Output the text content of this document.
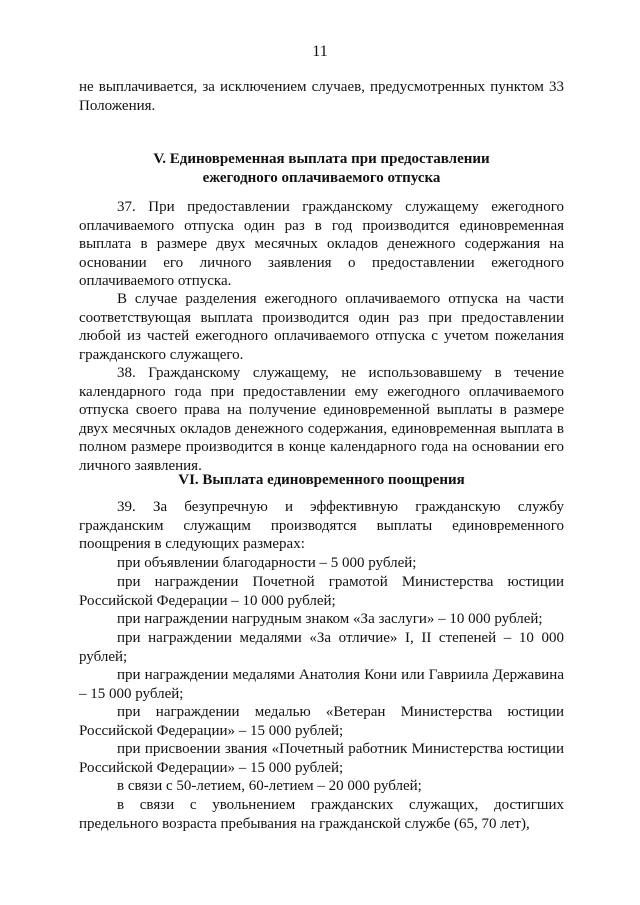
11

не выплачивается, за исключением случаев, предусмотренных пунктом 33 Положения.

V. Единовременная выплата при предоставлении
ежегодного оплачиваемого отпуска

37. При предоставлении гражданскому служащему ежегодного оплачиваемого отпуска один раз в год производится единовременная выплата в размере двух месячных окладов денежного содержания на основании его личного заявления о предоставлении ежегодного оплачиваемого отпуска.

В случае разделения ежегодного оплачиваемого отпуска на части соответствующая выплата производится один раз при предоставлении любой из частей ежегодного оплачиваемого отпуска с учетом пожелания гражданского служащего.

38. Гражданскому служащему, не использовавшему в течение календарного года при предоставлении ему ежегодного оплачиваемого отпуска своего права на получение единовременной выплаты в размере двух месячных окладов денежного содержания, единовременная выплата в полном размере производится в конце календарного года на основании его личного заявления.

VI. Выплата единовременного поощрения

39. За безупречную и эффективную гражданскую службу гражданским служащим производятся выплаты единовременного поощрения в следующих размерах:

при объявлении благодарности – 5 000 рублей;

при награждении Почетной грамотой Министерства юстиции Российской Федерации – 10 000 рублей;

при награждении нагрудным знаком «За заслуги» – 10 000 рублей;

при награждении медалями «За отличие» I, II степеней – 10 000 рублей;

при награждении медалями Анатолия Кони или Гавриила Державина – 15 000 рублей;

при награждении медалью «Ветеран Министерства юстиции Российской Федерации» – 15 000 рублей;

при присвоении звания «Почетный работник Министерства юстиции Российской Федерации» – 15 000 рублей;

в связи с 50-летием, 60-летием – 20 000 рублей;

в связи с увольнением гражданских служащих, достигших предельного возраста пребывания на гражданской службе (65, 70 лет),
